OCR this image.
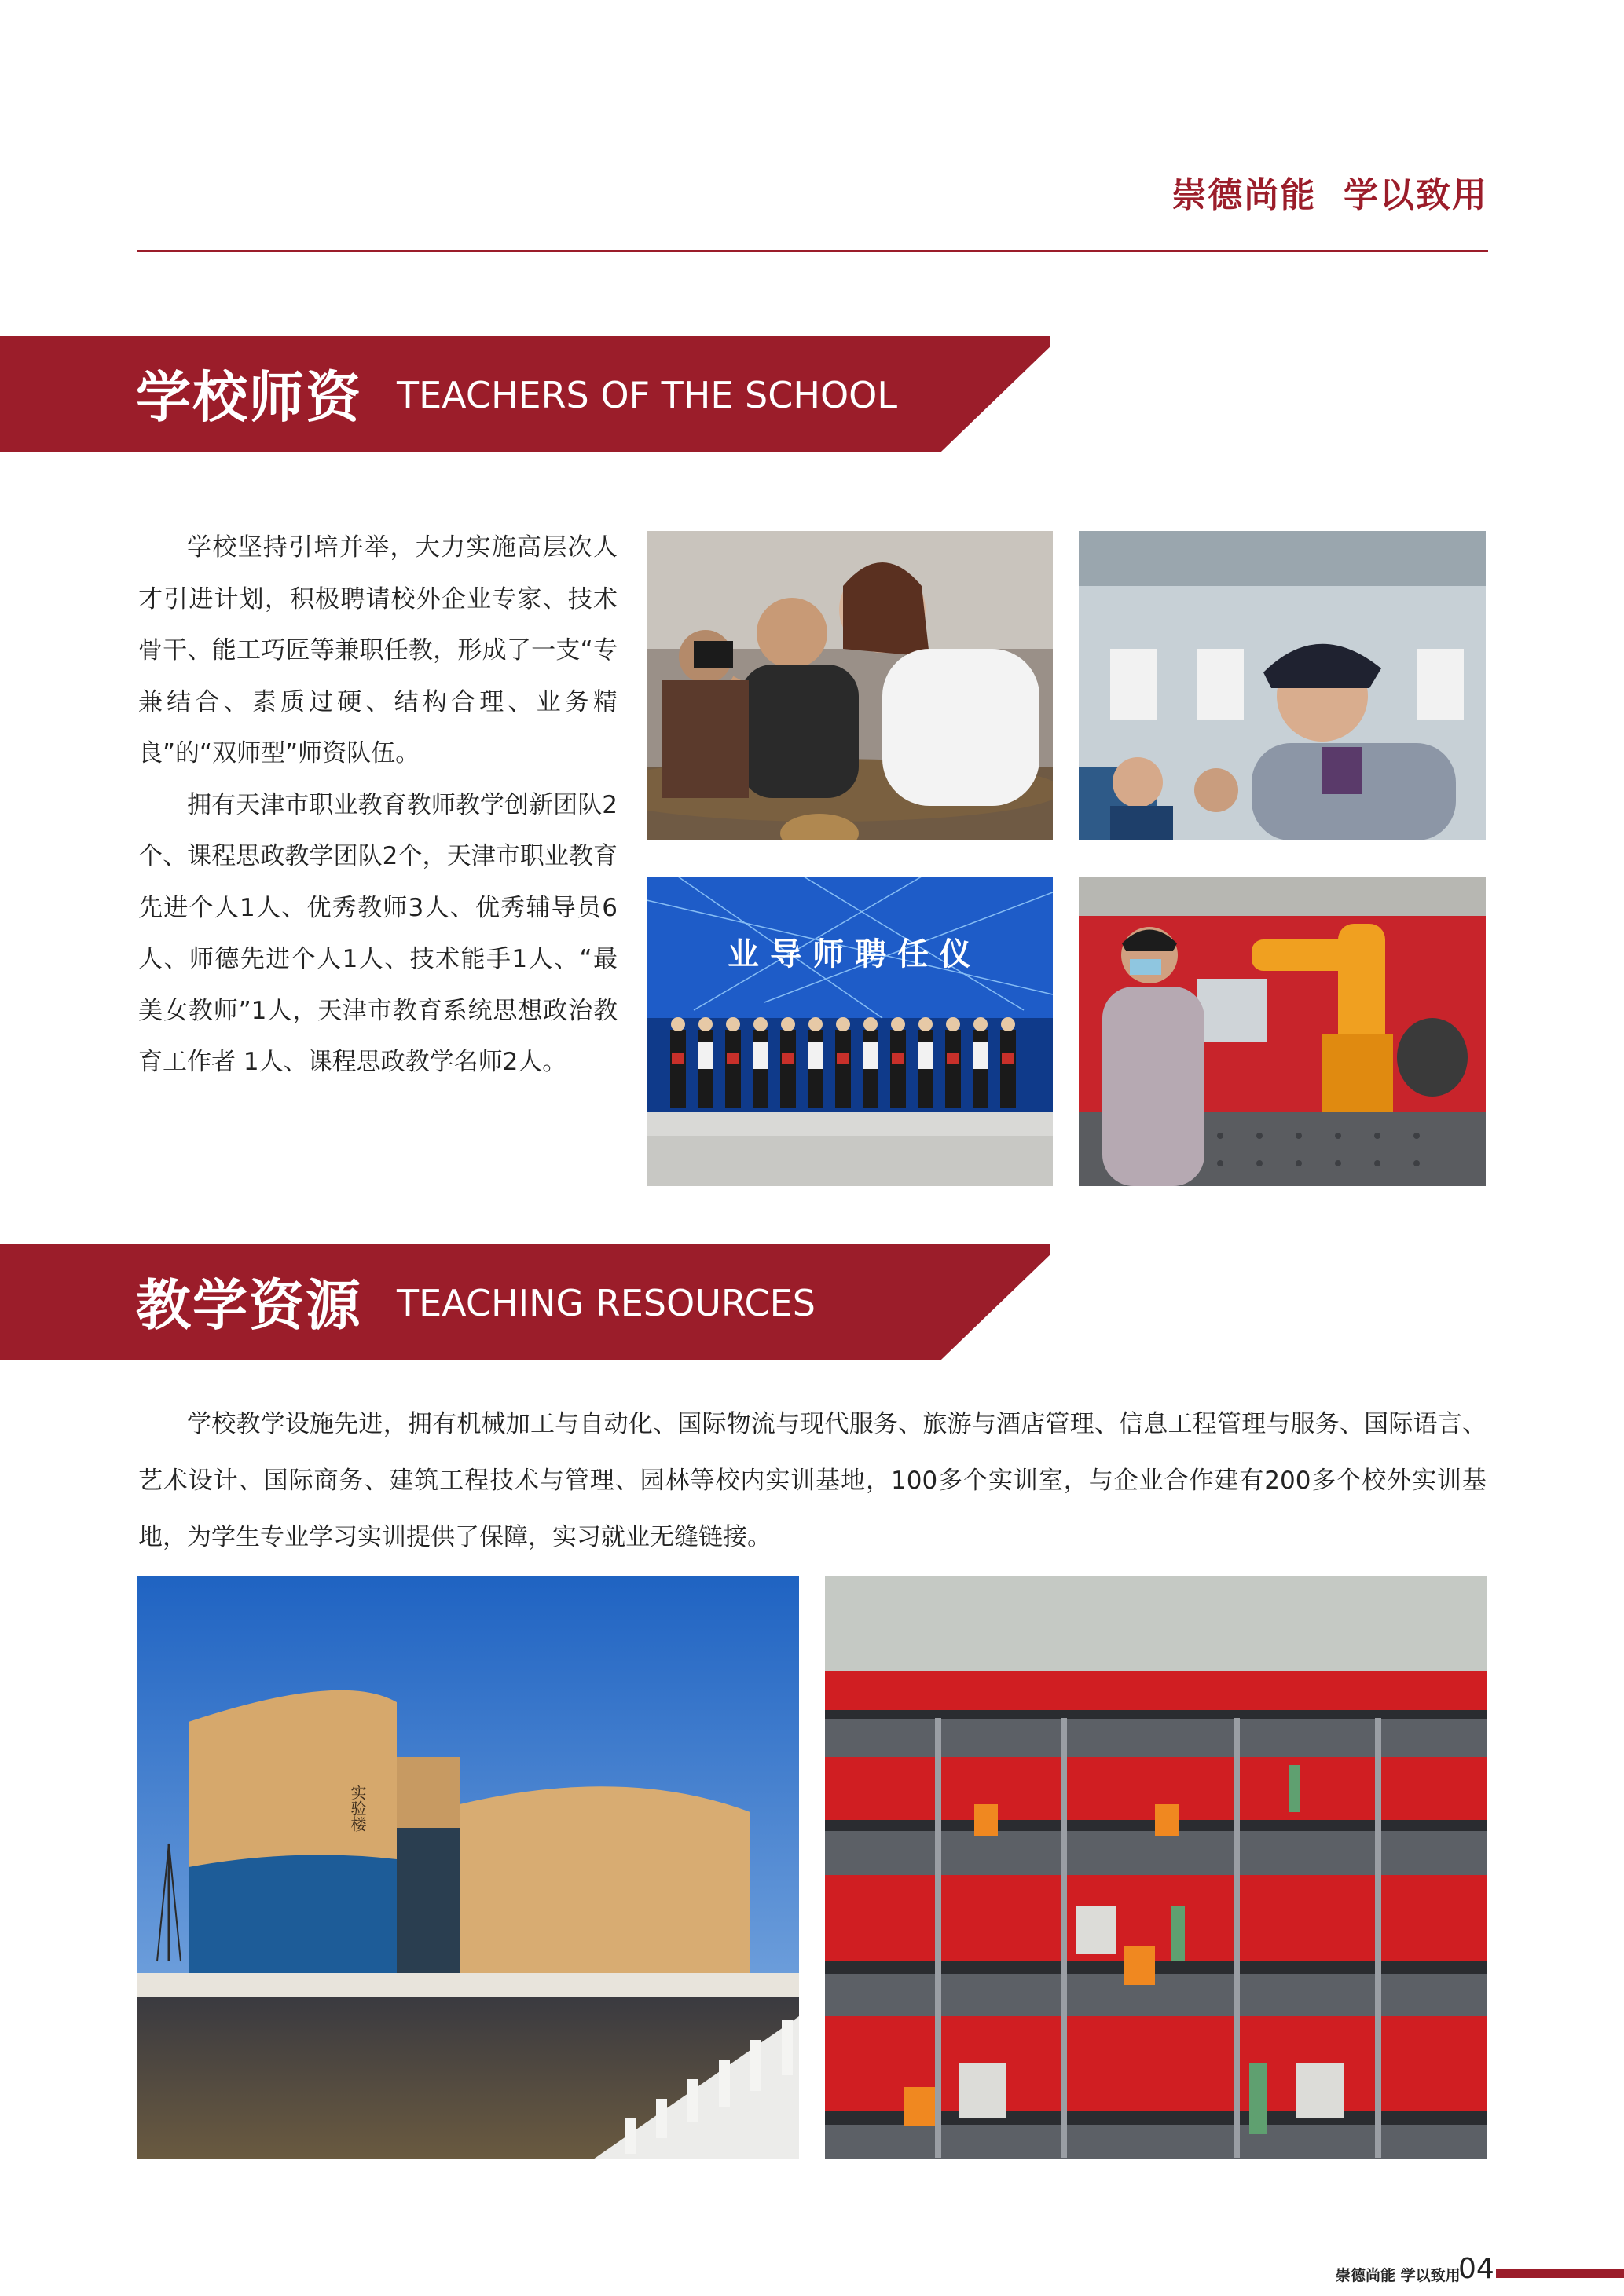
崇德尚能  学以致用
学校师资 TEACHERS OF THE SCHOOL

学校坚持引培并举，大力实施高层次人才引进计划，积极聘请校外企业专家、技术骨干、能工巧匠等兼职任教，形成了一支“专兼结合、素质过硬、结构合理、业务精良”的“双师型”师资队伍。

拥有天津市职业教育教师教学创新团队2个、课程思政教学团队2个，天津市职业教育先进个人1人、优秀教师3人、优秀辅导员6人、师德先进个人1人、技术能手1人、“最美女教师”1人，天津市教育系统思想政治教育工作者 1人、课程思政教学名师2人。

业 导 师 聘 任 仪
教学资源 TEACHING RESOURCES

学校教学设施先进，拥有机械加工与自动化、国际物流与现代服务、旅游与酒店管理、信息工程管理与服务、国际语言、艺术设计、国际商务、建筑工程技术与管理、园林等校内实训基地，100多个实训室，与企业合作建有200多个校外实训基地，为学生专业学习实训提供了保障，实习就业无缝链接。

实验楼
崇德尚能 学以致用
04
